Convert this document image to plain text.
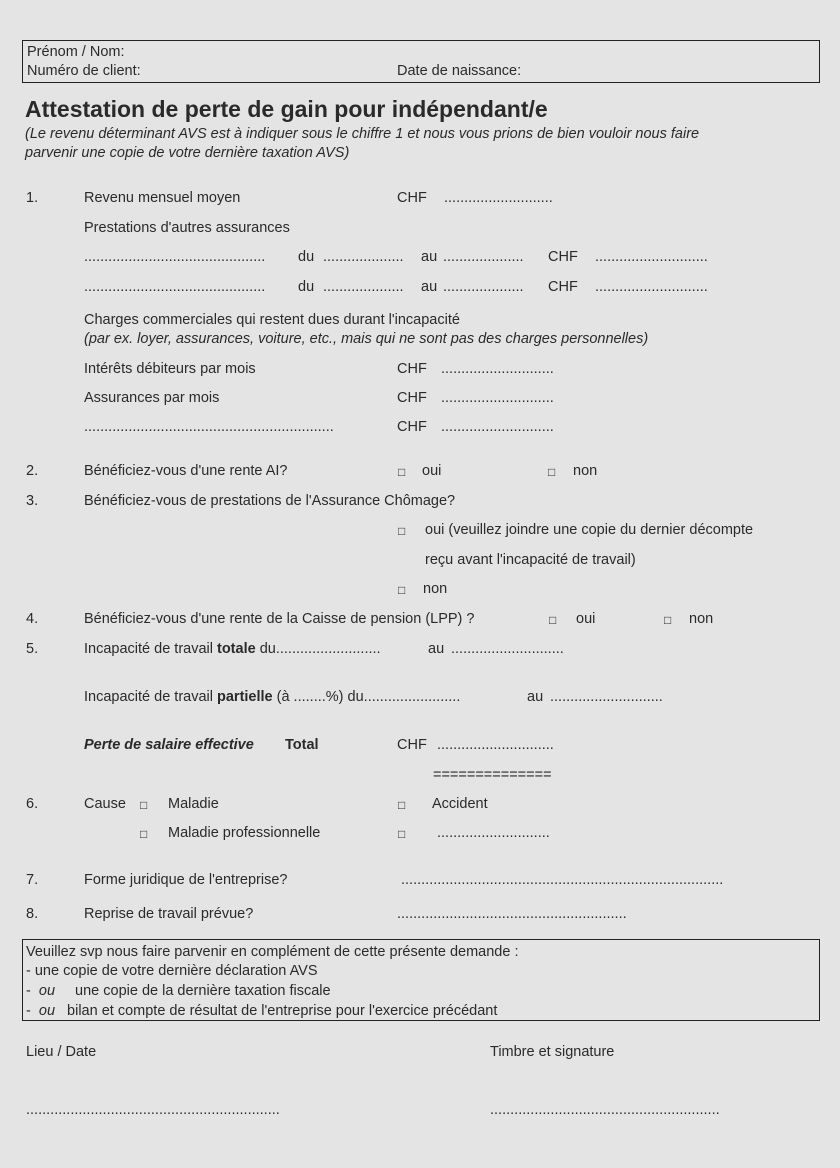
Prénom / Nom:
Numéro de client:	Date de naissance:
Attestation de perte de gain pour indépendant/e
(Le revenu déterminant AVS est à indiquer sous le chiffre 1 et nous vous prions de bien vouloir nous faire
parvenir une copie de votre dernière taxation AVS)
1.	Revenu mensuel moyen	CHF ...........................
Prestations d'autres assurances
............................................. du .................... au .................... CHF ............................
............................................. du .................... au .................... CHF ............................
Charges commerciales qui restent dues durant l'incapacité
(par ex. loyer, assurances, voiture, etc., mais qui ne sont pas des charges personnelles)
Intérêts débiteurs par mois	CHF ............................
Assurances par mois	CHF ............................
..............................................................	CHF ............................
2.	Bénéficiez-vous d'une rente AI?	□ oui	□ non
3.	Bénéficiez-vous de prestations de l'Assurance Chômage?
□ oui (veuillez joindre une copie du dernier décompte
reçu avant l'incapacité de travail)
□ non
4.	Bénéficiez-vous d'une rente de la Caisse de pension (LPP) ?	□ oui	□ non
5.	Incapacité de travail totale du..........................	au ............................
Incapacité de travail partielle (à ........%) du........................	au ............................
Perte de salaire effective Total	CHF .............................
==============
6.	Cause □ Maladie	□ Accident
□ Maladie professionnelle	□ ............................
7.	Forme juridique de l'entreprise?	................................................................................
8.	Reprise de travail prévue?	.........................................................
Veuillez svp nous faire parvenir en complément de cette présente demande :
- une copie de votre dernière déclaration AVS
- ou une copie de la dernière taxation fiscale
- ou bilan et compte de résultat de l'entreprise pour l'exercice précédant
Lieu / Date	Timbre et signature
...............................................................	.........................................................
